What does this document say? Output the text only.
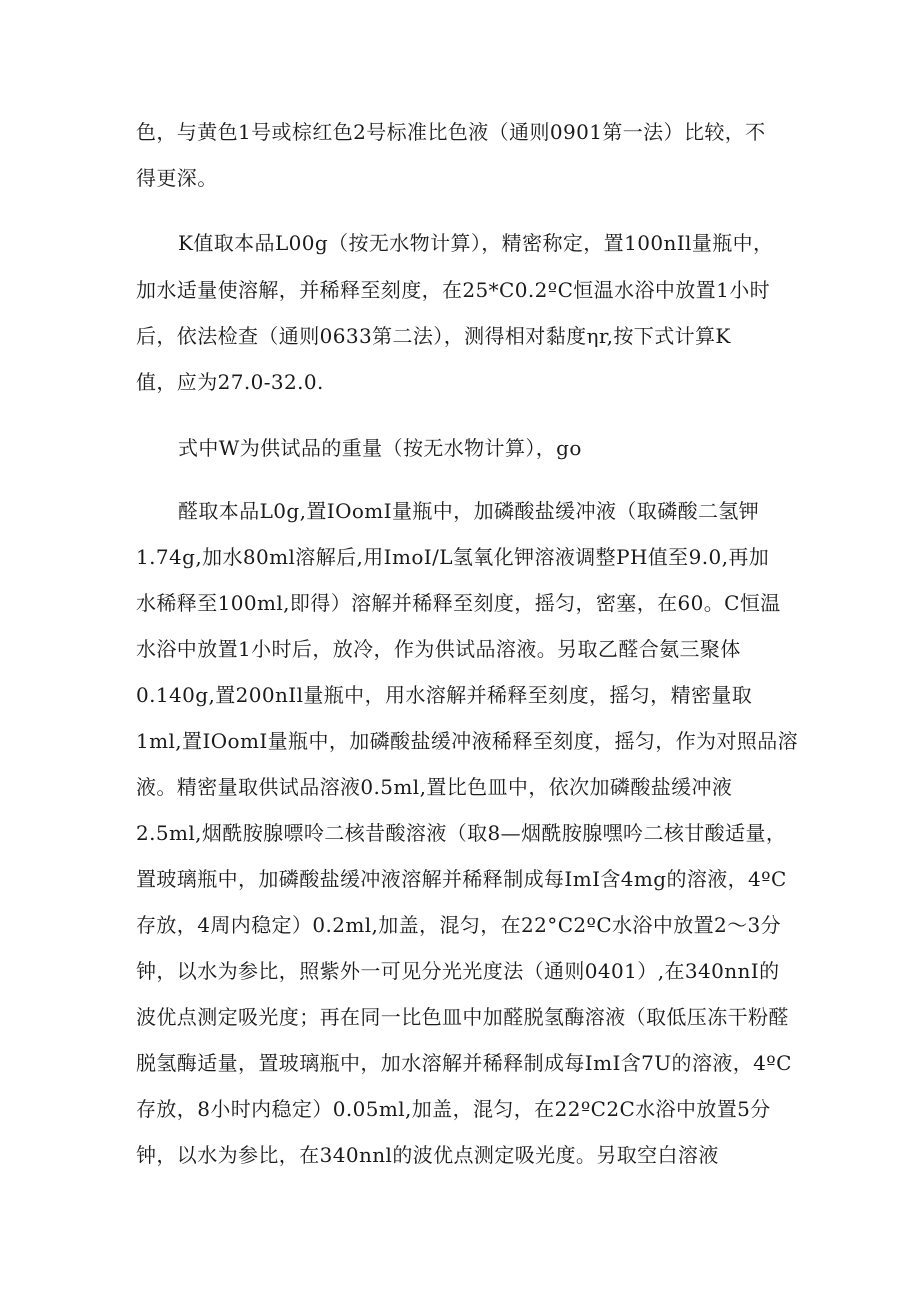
色，与黄色1号或棕红色2号标准比色液（通则0901第一法）比较，不

得更深。

K值取本品L00g（按无水物计算），精密称定，置100nIl量瓶中，

加水适量使溶解，并稀释至刻度，在25*C0.2ºC恒温水浴中放置1小时

后，依法检查（通则0633第二法），测得相对黏度ηr,按下式计算K

值，应为27.0-32.0.

式中W为供试品的重量（按无水物计算），go

醛取本品L0g,置IOomI量瓶中，加磷酸盐缓冲液（取磷酸二氢钾

1.74g,加水80ml溶解后,用ImoI/L氢氧化钾溶液调整PH值至9.0,再加

水稀释至100ml,即得）溶解并稀释至刻度，摇匀，密塞，在60。C恒温

水浴中放置1小时后，放冷，作为供试品溶液。另取乙醛合氨三聚体

0.140g,置200nIl量瓶中，用水溶解并稀释至刻度，摇匀，精密量取

1ml,置IOomI量瓶中，加磷酸盐缓冲液稀释至刻度，摇匀，作为对照品溶

液。精密量取供试品溶液0.5ml,置比色皿中，依次加磷酸盐缓冲液

2.5ml,烟酰胺腺嘌呤二核昔酸溶液（取8—烟酰胺腺嘿吟二核甘酸适量，

置玻璃瓶中，加磷酸盐缓冲液溶解并稀释制成每ImI含4mg的溶液，4ºC

存放，4周内稳定）0.2ml,加盖，混匀，在22°C2ºC水浴中放置2～3分

钟，以水为参比，照紫外一可见分光光度法（通则0401）,在340nnI的

波优点测定吸光度；再在同一比色皿中加醛脱氢酶溶液（取低压冻干粉醛

脱氢酶适量，置玻璃瓶中，加水溶解并稀释制成每ImI含7U的溶液，4ºC

存放，8小时内稳定）0.05ml,加盖，混匀，在22ºC2C水浴中放置5分

钟，以水为参比，在340nnl的波优点测定吸光度。另取空白溶液
